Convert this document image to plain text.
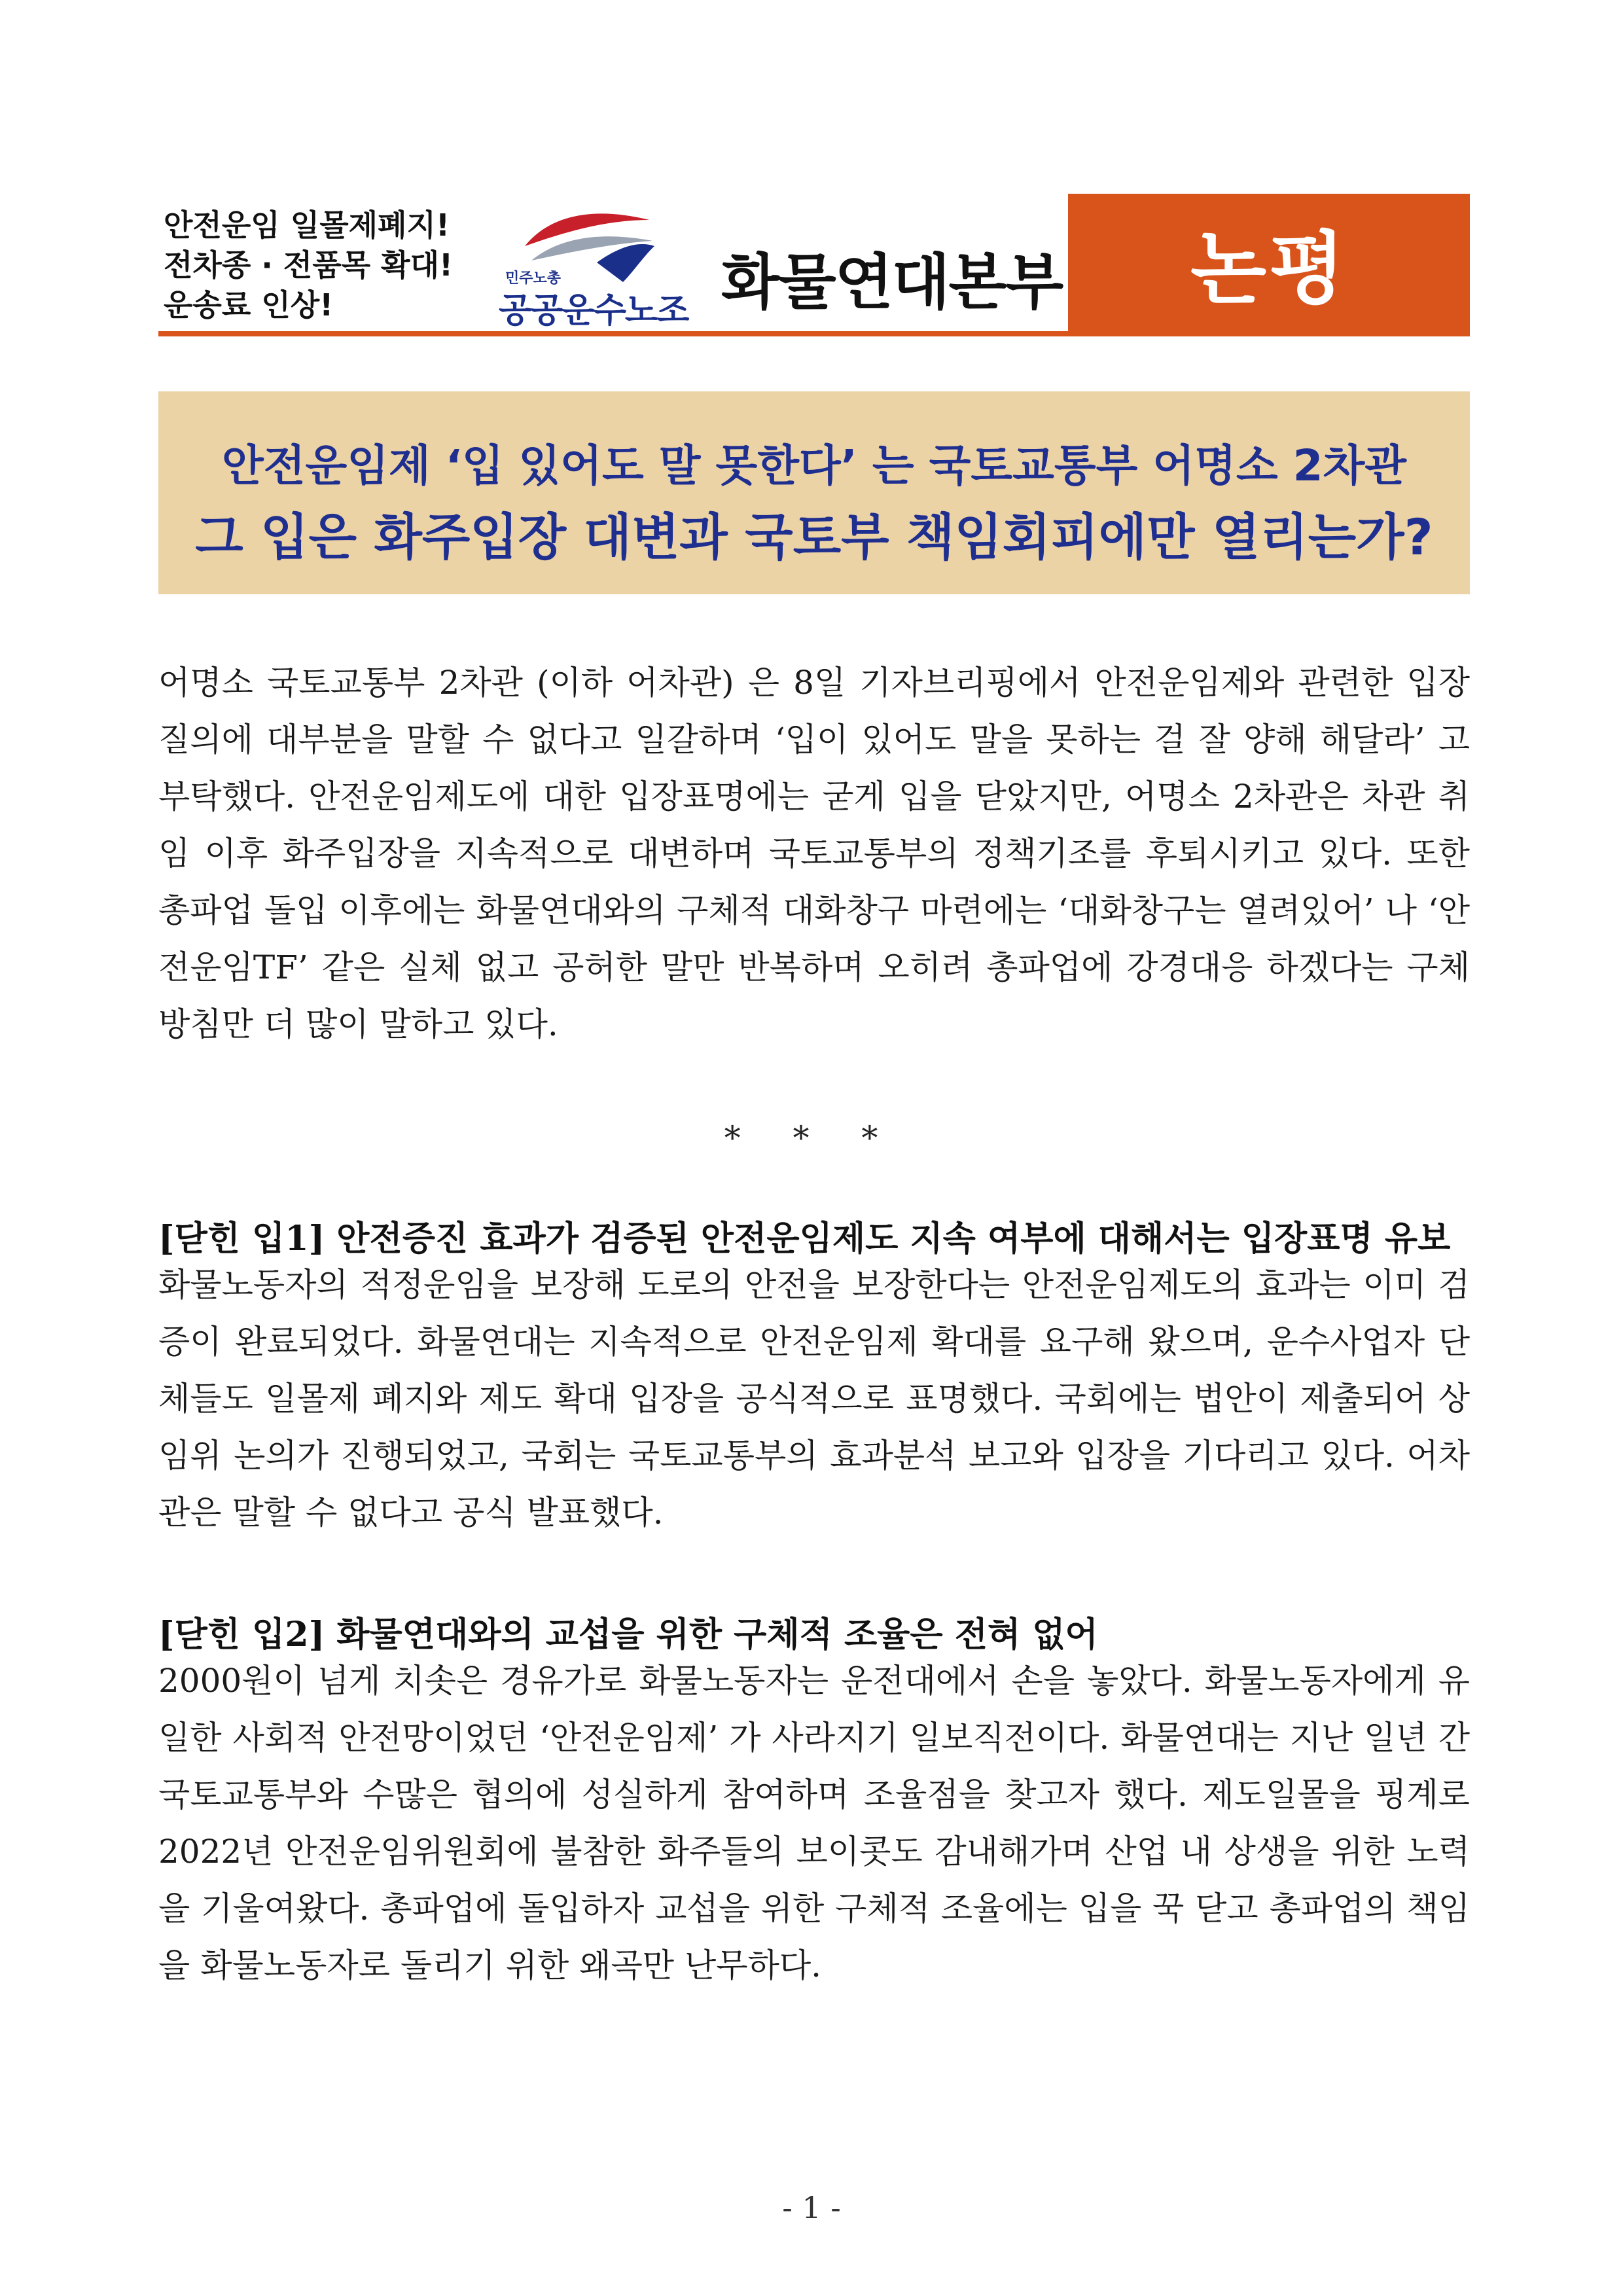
안전운임 일몰제폐지!
전차종 · 전품목 확대!
운송료 인상!
민주노총
공공운수노조 화물연대본부 논평
안전운임제 ‘입 있어도 말 못한다’ 는 국토교통부 어명소 2차관
그 입은 화주입장 대변과 국토부 책임회피에만 열리는가?

어명소 국토교통부 2차관 (이하 어차관) 은 8일 기자브리핑에서 안전운임제와 관련한 입장 질의에 대부분을 말할 수 없다고 일갈하며 ‘입이 있어도 말을 못하는 걸 잘 양해 해달라’ 고 부탁했다. 안전운임제도에 대한 입장표명에는 굳게 입을 닫았지만, 어명소 2차관은 차관 취임 이후 화주입장을 지속적으로 대변하며 국토교통부의 정책기조를 후퇴시키고 있다. 또한 총파업 돌입 이후에는 화물연대와의 구체적 대화창구 마련에는 ‘대화창구는 열려있어’ 나 ‘안전운임TF’ 같은 실체 없고 공허한 말만 반복하며 오히려 총파업에 강경대응 하겠다는 구체 방침만 더 많이 말하고 있다.

* * *
[닫힌 입1] 안전증진 효과가 검증된 안전운임제도 지속 여부에 대해서는 입장표명 유보

화물노동자의 적정운임을 보장해 도로의 안전을 보장한다는 안전운임제도의 효과는 이미 검증이 완료되었다. 화물연대는 지속적으로 안전운임제 확대를 요구해 왔으며, 운수사업자 단체들도 일몰제 폐지와 제도 확대 입장을 공식적으로 표명했다. 국회에는 법안이 제출되어 상임위 논의가 진행되었고, 국회는 국토교통부의 효과분석 보고와 입장을 기다리고 있다. 어차관은 말할 수 없다고 공식 발표했다.

[닫힌 입2] 화물연대와의 교섭을 위한 구체적 조율은 전혀 없어

2000원이 넘게 치솟은 경유가로 화물노동자는 운전대에서 손을 놓았다. 화물노동자에게 유일한 사회적 안전망이었던 ‘안전운임제’ 가 사라지기 일보직전이다. 화물연대는 지난 일년 간 국토교통부와 수많은 협의에 성실하게 참여하며 조율점을 찾고자 했다. 제도일몰을 핑계로 2022년 안전운임위원회에 불참한 화주들의 보이콧도 감내해가며 산업 내 상생을 위한 노력을 기울여왔다. 총파업에 돌입하자 교섭을 위한 구체적 조율에는 입을 꾹 닫고 총파업의 책임을 화물노동자로 돌리기 위한 왜곡만 난무하다.

- 1 -
